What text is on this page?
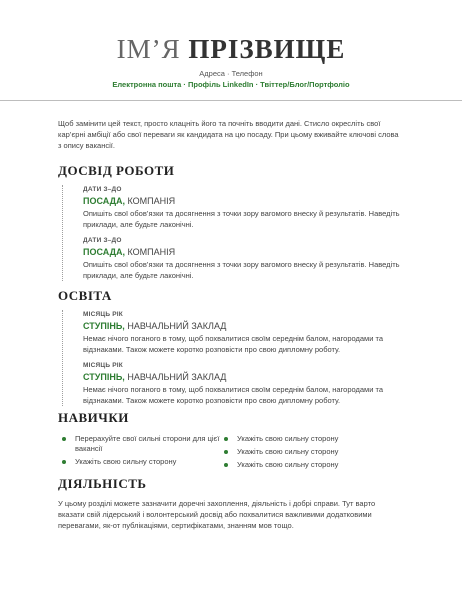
ІМ’Я ПРІЗВИЩЕ
Адреса · Телефон
Електронна пошта · Профіль LinkedIn · Твіттер/Блог/Портфоліо

Щоб замінити цей текст, просто клацніть його та почніть вводити дані. Стисло окресліть свої кар’єрні амбіції або свої переваги як кандидата на цю посаду. При цьому вживайте ключові слова з опису вакансії.

ДОСВІД РОБОТИ
ДАТИ З–ДО
ПОСАДА, КОМПАНІЯ
Опишіть свої обов’язки та досягнення з точки зору вагомого внеску й результатів. Наведіть приклади, але будьте лаконічні.
ДАТИ З–ДО
ПОСАДА, КОМПАНІЯ
Опишіть свої обов’язки та досягнення з точки зору вагомого внеску й результатів. Наведіть приклади, але будьте лаконічні.
ОСВІТА
МІСЯЦЬ РІК
СТУПІНЬ, НАВЧАЛЬНИЙ ЗАКЛАД
Немає нічого поганого в тому, щоб похвалитися своїм середнім балом, нагородами та відзнаками. Також можете коротко розповісти про свою дипломну роботу.
МІСЯЦЬ РІК
СТУПІНЬ, НАВЧАЛЬНИЙ ЗАКЛАД
Немає нічого поганого в тому, щоб похвалитися своїм середнім балом, нагородами та відзнаками. Також можете коротко розповісти про свою дипломну роботу.
НАВИЧКИ
Перерахуйте свої сильні сторони для цієї вакансії
Укажіть свою сильну сторону
Укажіть свою сильну сторону
Укажіть свою сильну сторону
Укажіть свою сильну сторону
ДІЯЛЬНІСТЬ
У цьому розділі можете зазначити доречні захоплення, діяльність і добрі справи. Тут варто вказати свій лідерський і волонтерський досвід або похвалитися важливими додатковими перевагами, як-от публікаціями, сертифікатами, знанням мов тощо.
